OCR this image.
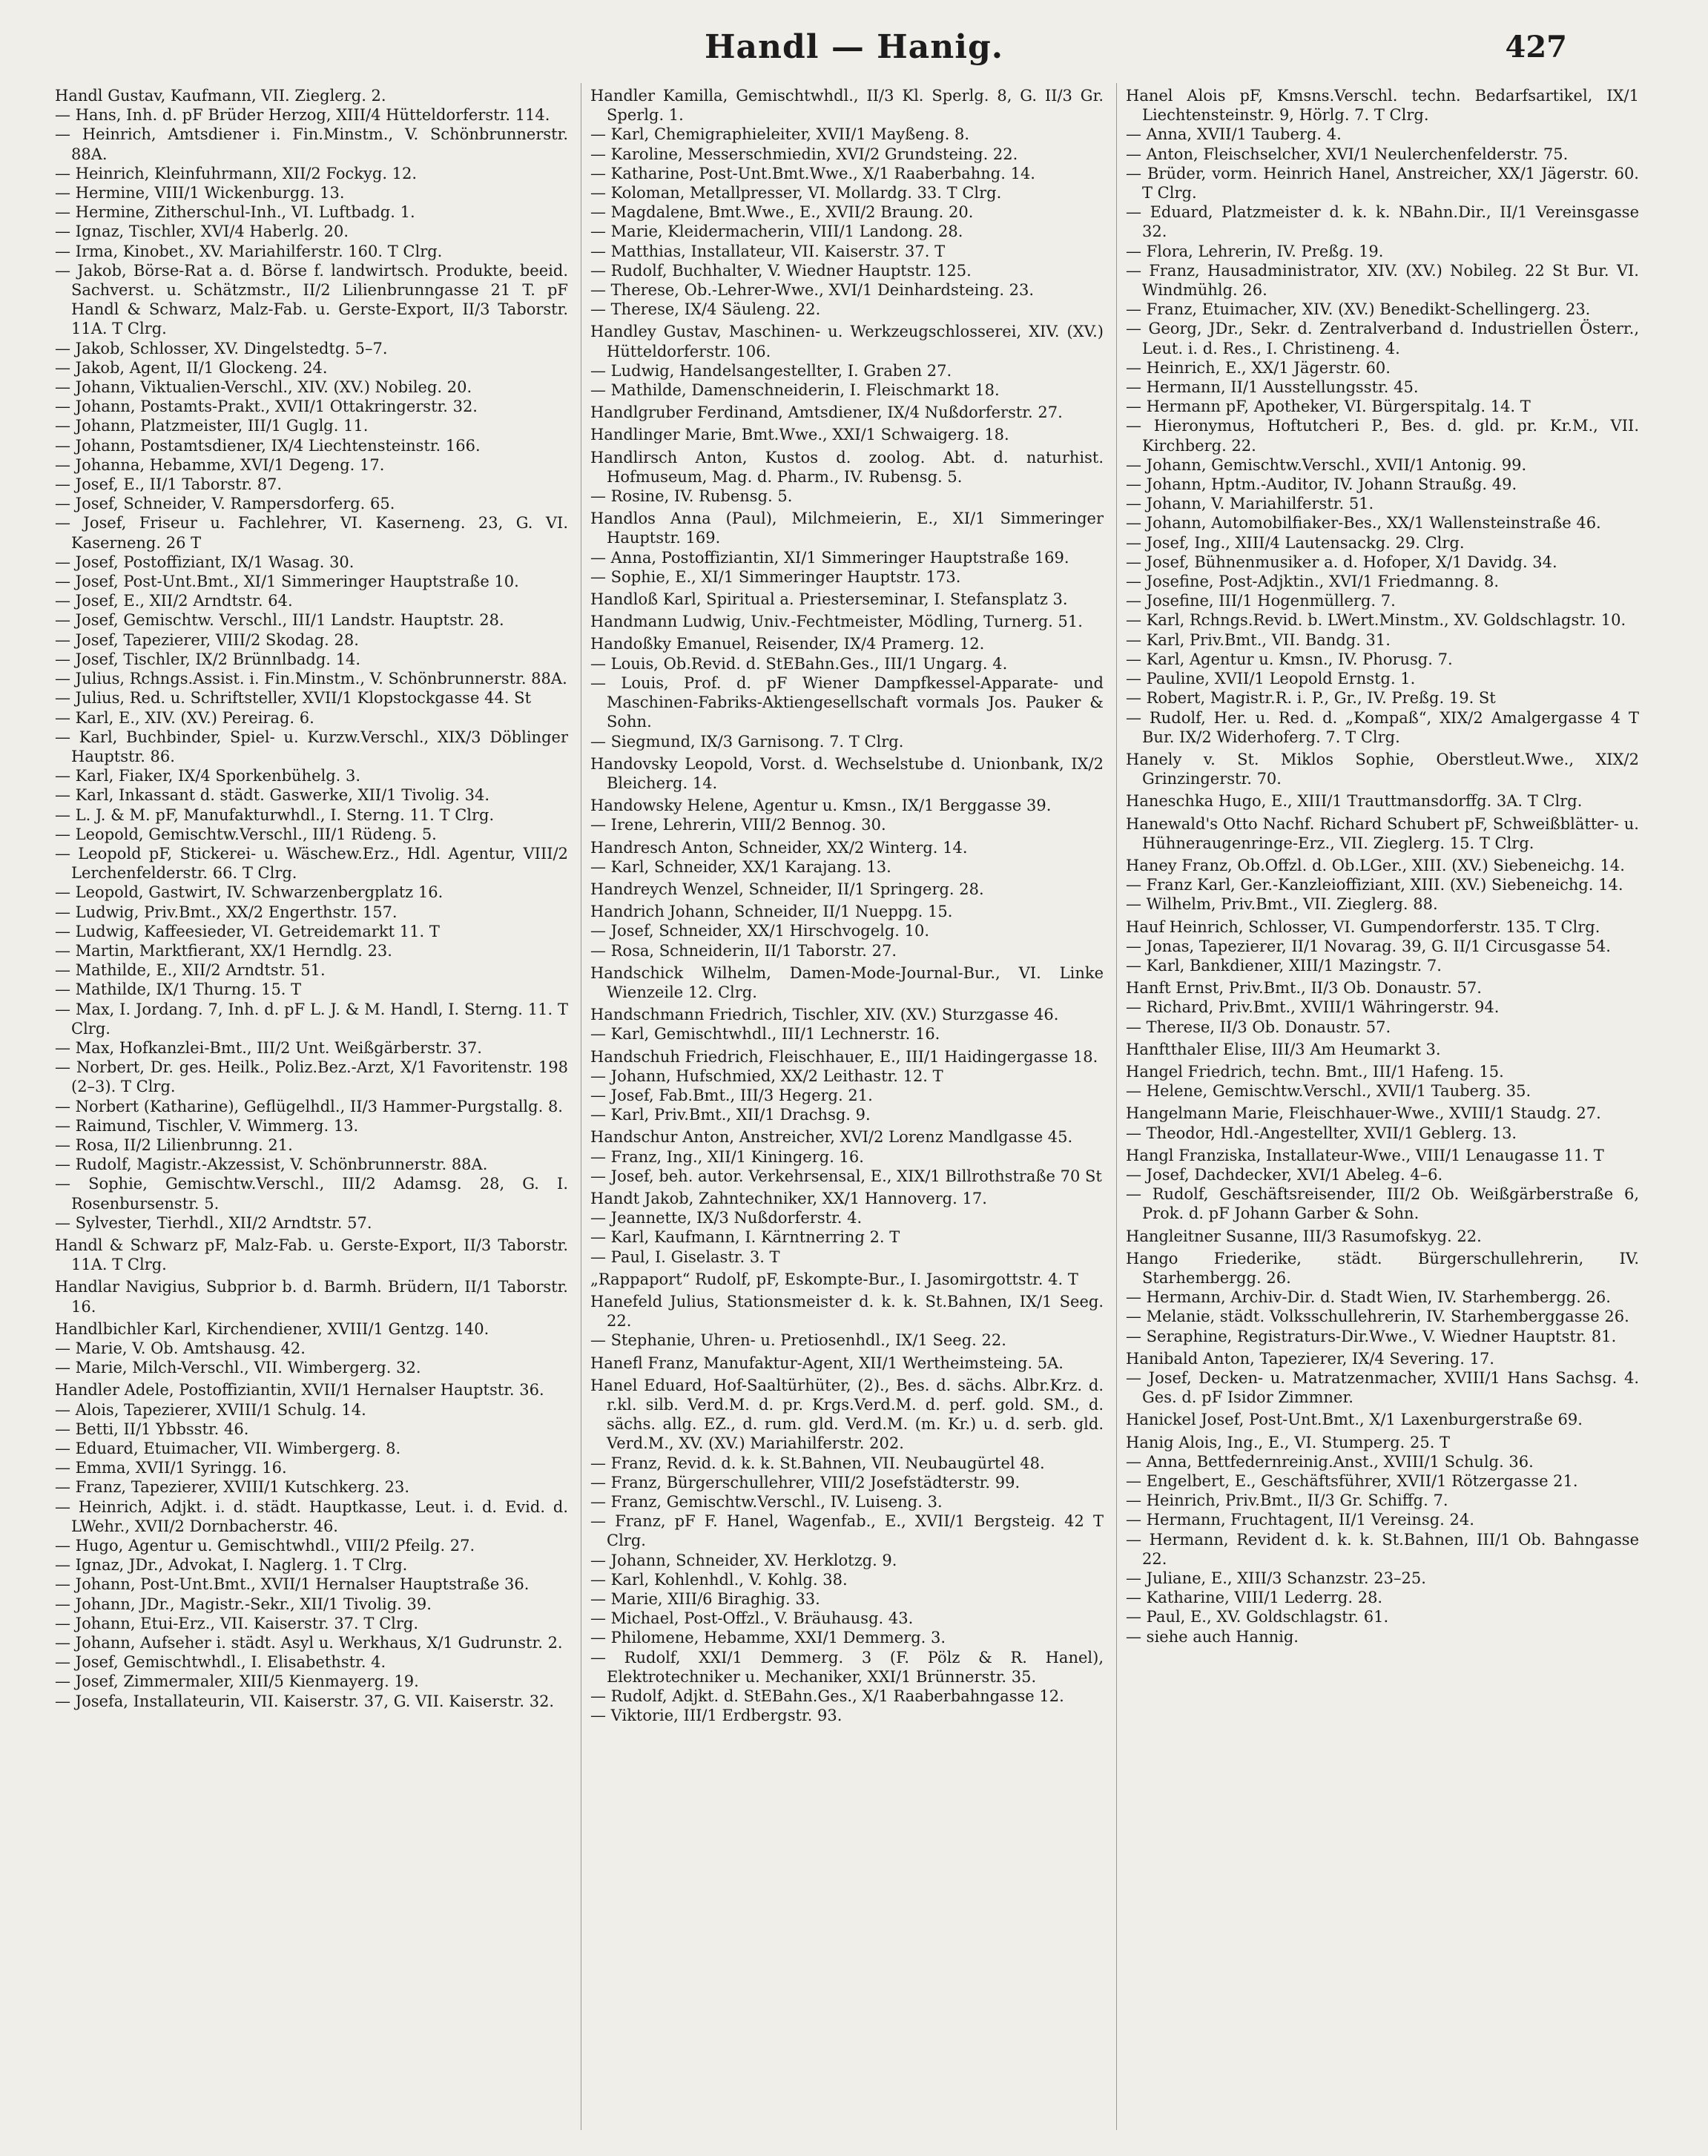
Handl — Hanig.	427

Handl Gustav, Kaufmann, VII. Zieglerg. 2.

— Hans, Inh. d. pF Brüder Herzog, XIII/4 Hütteldorferstr. 114.

— Heinrich, Amtsdiener i. Fin.Minstm., V. Schönbrunnerstr. 88A.

— Heinrich, Kleinfuhrmann, XII/2 Fockyg. 12.

— Hermine, VIII/1 Wickenburgg. 13.

— Hermine, Zitherschul-Inh., VI. Luftbadg. 1.

— Ignaz, Tischler, XVI/4 Haberlg. 20.

— Irma, Kinobet., XV. Mariahilferstr. 160. T Clrg.

— Jakob, Börse-Rat a. d. Börse f. landwirtsch. Produkte, beeid. Sachverst. u. Schätzmstr., II/2 Lilienbrunngasse 21 T. pF Handl & Schwarz, Malz-Fab. u. Gerste-Export, II/3 Taborstr. 11A. T Clrg.

— Jakob, Schlosser, XV. Dingelstedtg. 5–7.

— Jakob, Agent, II/1 Glockeng. 24.

— Johann, Viktualien-Verschl., XIV. (XV.) Nobileg. 20.

— Johann, Postamts-Prakt., XVII/1 Ottakringerstr. 32.

— Johann, Platzmeister, III/1 Guglg. 11.

— Johann, Postamtsdiener, IX/4 Liechtensteinstr. 166.

— Johanna, Hebamme, XVI/1 Degeng. 17.

— Josef, E., II/1 Taborstr. 87.

— Josef, Schneider, V. Rampersdorferg. 65.

— Josef, Friseur u. Fachlehrer, VI. Kaserneng. 23, G. VI. Kaserneng. 26 T

— Josef, Postoffiziant, IX/1 Wasag. 30.

— Josef, Post-Unt.Bmt., XI/1 Simmeringer Hauptstraße 10.

— Josef, E., XII/2 Arndtstr. 64.

— Josef, Gemischtw. Verschl., III/1 Landstr. Hauptstr. 28.

— Josef, Tapezierer, VIII/2 Skodag. 28.

— Josef, Tischler, IX/2 Brünnlbadg. 14.

— Julius, Rchngs.Assist. i. Fin.Minstm., V. Schönbrunnerstr. 88A.

— Julius, Red. u. Schriftsteller, XVII/1 Klopstockgasse 44. St

— Karl, E., XIV. (XV.) Pereirag. 6.

— Karl, Buchbinder, Spiel- u. Kurzw.Verschl., XIX/3 Döblinger Hauptstr. 86.

— Karl, Fiaker, IX/4 Sporkenbühelg. 3.

— Karl, Inkassant d. städt. Gaswerke, XII/1 Tivolig. 34.

— L. J. & M. pF, Manufakturwhdl., I. Sterng. 11. T Clrg.

— Leopold, Gemischtw.Verschl., III/1 Rüdeng. 5.

— Leopold pF, Stickerei- u. Wäschew.Erz., Hdl. Agentur, VIII/2 Lerchenfelderstr. 66. T Clrg.

— Leopold, Gastwirt, IV. Schwarzenbergplatz 16.

— Ludwig, Priv.Bmt., XX/2 Engerthstr. 157.

— Ludwig, Kaffeesieder, VI. Getreidemarkt 11. T

— Martin, Marktfierant, XX/1 Herndlg. 23.

— Mathilde, E., XII/2 Arndtstr. 51.

— Mathilde, IX/1 Thurng. 15. T

— Max, I. Jordang. 7, Inh. d. pF L. J. & M. Handl, I. Sterng. 11. T Clrg.

— Max, Hofkanzlei-Bmt., III/2 Unt. Weißgärberstr. 37.

— Norbert, Dr. ges. Heilk., Poliz.Bez.-Arzt, X/1 Favoritenstr. 198 (2–3). T Clrg.

— Norbert (Katharine), Geflügelhdl., II/3 Hammer-Purgstallg. 8.

— Raimund, Tischler, V. Wimmerg. 13.

— Rosa, II/2 Lilienbrunng. 21.

— Rudolf, Magistr.-Akzessist, V. Schönbrunnerstr. 88A.

— Sophie, Gemischtw.Verschl., III/2 Adamsg. 28, G. I. Rosenbursenstr. 5.

— Sylvester, Tierhdl., XII/2 Arndtstr. 57.

Handl & Schwarz pF, Malz-Fab. u. Gerste-Export, II/3 Taborstr. 11A. T Clrg.

Handlar Navigius, Subprior b. d. Barmh. Brüdern, II/1 Taborstr. 16.

Handlbichler Karl, Kirchendiener, XVIII/1 Gentzg. 140.

— Marie, V. Ob. Amtshausg. 42.

— Marie, Milch-Verschl., VII. Wimbergerg. 32.

Handler Adele, Postoffiziantin, XVII/1 Hernalser Hauptstr. 36.

— Alois, Tapezierer, XVIII/1 Schulg. 14.

— Betti, II/1 Ybbsstr. 46.

— Eduard, Etuimacher, VII. Wimbergerg. 8.

— Emma, XVII/1 Syringg. 16.

— Franz, Tapezierer, XVIII/1 Kutschkerg. 23.

— Heinrich, Adjkt. i. d. städt. Hauptkasse, Leut. i. d. Evid. d. LWehr., XVII/2 Dornbacherstr. 46.

— Hugo, Agentur u. Gemischtwhdl., VIII/2 Pfeilg. 27.

— Ignaz, JDr., Advokat, I. Naglerg. 1. T Clrg.

— Johann, Post-Unt.Bmt., XVII/1 Hernalser Hauptstraße 36.

— Johann, JDr., Magistr.-Sekr., XII/1 Tivolig. 39.

— Johann, Etui-Erz., VII. Kaiserstr. 37. T Clrg.

— Johann, Aufseher i. städt. Asyl u. Werkhaus, X/1 Gudrunstr. 2.

— Josef, Gemischtwhdl., I. Elisabethstr. 4.

— Josef, Zimmermaler, XIII/5 Kienmayerg. 19.

— Josefa, Installateurin, VII. Kaiserstr. 37, G. VII. Kaiserstr. 32.

Handler Kamilla, Gemischtwhdl., II/3 Kl. Sperlg. 8, G. II/3 Gr. Sperlg. 1.

— Karl, Chemigraphieleiter, XVII/1 Mayßeng. 8.

— Karoline, Messerschmiedin, XVI/2 Grundsteing. 22.

— Katharine, Post-Unt.Bmt.Wwe., X/1 Raaberbahng. 14.

— Koloman, Metallpresser, VI. Mollardg. 33. T Clrg.

— Magdalene, Bmt.Wwe., E., XVII/2 Braung. 20.

— Marie, Kleidermacherin, VIII/1 Landong. 28.

— Matthias, Installateur, VII. Kaiserstr. 37. T

— Rudolf, Buchhalter, V. Wiedner Hauptstr. 125.

— Therese, Ob.-Lehrer-Wwe., XVI/1 Deinhardsteing. 23.

— Therese, IX/4 Säuleng. 22.

Handley Gustav, Maschinen- u. Werkzeugschlosserei, XIV. (XV.) Hütteldorferstr. 106.

— Ludwig, Handelsangestellter, I. Graben 27.

— Mathilde, Damenschneiderin, I. Fleischmarkt 18.

Handlgruber Ferdinand, Amtsdiener, IX/4 Nußdorferstr. 27.

Handlinger Marie, Bmt.Wwe., XXI/1 Schwaigerg. 18.

Handlirsch Anton, Kustos d. zoolog. Abt. d. naturhist. Hofmuseum, Mag. d. Pharm., IV. Rubensg. 5.

— Rosine, IV. Rubensg. 5.

Handlos Anna (Paul), Milchmeierin, E., XI/1 Simmeringer Hauptstr. 169.

— Anna, Postoffiziantin, XI/1 Simmeringer Hauptstraße 169.

— Sophie, E., XI/1 Simmeringer Hauptstr. 173.

Handloß Karl, Spiritual a. Priesterseminar, I. Stefansplatz 3.

Handmann Ludwig, Univ.-Fechtmeister, Mödling, Turnerg. 51.

Handoßky Emanuel, Reisender, IX/4 Pramerg. 12.

— Louis, Ob.Revid. d. StEBahn.Ges., III/1 Ungarg. 4.

— Louis, Prof. d. pF Wiener Dampfkessel-Apparate- und Maschinen-Fabriks-Aktiengesellschaft vormals Jos. Pauker & Sohn.

— Siegmund, IX/3 Garnisong. 7. T Clrg.

Handovsky Leopold, Vorst. d. Wechselstube d. Unionbank, IX/2 Bleicherg. 14.

Handowsky Helene, Agentur u. Kmsn., IX/1 Berggasse 39.

— Irene, Lehrerin, VIII/2 Bennog. 30.

Handresch Anton, Schneider, XX/2 Winterg. 14.

— Karl, Schneider, XX/1 Karajang. 13.

Handreych Wenzel, Schneider, II/1 Springerg. 28.

Handrich Johann, Schneider, II/1 Nueppg. 15.

— Josef, Schneider, XX/1 Hirschvogelg. 10.

— Rosa, Schneiderin, II/1 Taborstr. 27.

Handschick Wilhelm, Damen-Mode-Journal-Bur., VI. Linke Wienzeile 12. Clrg.

Handschmann Friedrich, Tischler, XIV. (XV.) Sturzgasse 46.

— Karl, Gemischtwhdl., III/1 Lechnerstr. 16.

Handschuh Friedrich, Fleischhauer, E., III/1 Haidingergasse 18.

— Johann, Hufschmied, XX/2 Leithastr. 12. T

— Josef, Fab.Bmt., III/3 Hegerg. 21.

— Karl, Priv.Bmt., XII/1 Drachsg. 9.

Handschur Anton, Anstreicher, XVI/2 Lorenz Mandlgasse 45.

— Franz, Ing., XII/1 Kiningerg. 16.

— Josef, beh. autor. Verkehrsensal, E., XIX/1 Billrothstraße 70 St

Handt Jakob, Zahntechniker, XX/1 Hannoverg. 17.

— Jeannette, IX/3 Nußdorferstr. 4.

— Karl, Kaufmann, I. Kärntnerring 2. T

— Paul, I. Giselastr. 3. T

„Rappaport“ Rudolf, pF, Eskompte-Bur., I. Jasomirgottstr. 4. T

Hanefeld Julius, Stationsmeister d. k. k. St.Bahnen, IX/1 Seeg. 22.

— Stephanie, Uhren- u. Pretiosenhdl., IX/1 Seeg. 22.

Hanefl Franz, Manufaktur-Agent, XII/1 Wertheimsteing. 5A.

Hanel Eduard, Hof-Saaltürhüter, (2)., Bes. d. sächs. Albr.Krz. d. r.kl. silb. Verd.M. d. pr. Krgs.Verd.M. d. perf. gold. SM., d. sächs. allg. EZ., d. rum. gld. Verd.M. (m. Kr.) u. d. serb. gld. Verd.M., XV. (XV.) Mariahilferstr. 202.

— Franz, Revid. d. k. k. St.Bahnen, VII. Neubaugürtel 48.

— Franz, Bürgerschullehrer, VIII/2 Josefstädterstr. 99.

— Franz, Gemischtw.Verschl., IV. Luiseng. 3.

— Franz, pF F. Hanel, Wagenfab., E., XVII/1 Bergsteig. 42 T Clrg.

— Johann, Schneider, XV. Herklotzg. 9.

— Karl, Kohlenhdl., V. Kohlg. 38.

— Marie, XIII/6 Biraghig. 33.

— Michael, Post-Offzl., V. Bräuhausg. 43.

— Philomene, Hebamme, XXI/1 Demmerg. 3.

— Rudolf, XXI/1 Demmerg. 3 (F. Pölz & R. Hanel), Elektrotechniker u. Mechaniker, XXI/1 Brünnerstr. 35.

— Rudolf, Adjkt. d. StEBahn.Ges., X/1 Raaberbahngasse 12.

— Viktorie, III/1 Erdbergstr. 93.

Hanel Alois pF, Kmsns.Verschl. techn. Bedarfsartikel, IX/1 Liechtensteinstr. 9, Hörlg. 7. T Clrg.

— Anna, XVII/1 Tauberg. 4.

— Anton, Fleischselcher, XVI/1 Neulerchenfelderstr. 75.

— Brüder, vorm. Heinrich Hanel, Anstreicher, XX/1 Jägerstr. 60. T Clrg.

— Eduard, Platzmeister d. k. k. NBahn.Dir., II/1 Vereinsgasse 32.

— Flora, Lehrerin, IV. Preßg. 19.

— Franz, Hausadministrator, XIV. (XV.) Nobileg. 22 St Bur. VI. Windmühlg. 26.

— Franz, Etuimacher, XIV. (XV.) Benedikt-Schellingerg. 23.

— Georg, JDr., Sekr. d. Zentralverband d. Industriellen Österr., Leut. i. d. Res., I. Christineng. 4.

— Heinrich, E., XX/1 Jägerstr. 60.

— Hermann, II/1 Ausstellungsstr. 45.

— Hermann pF, Apotheker, VI. Bürgerspitalg. 14. T

— Hieronymus, Hoftutcheri P., Bes. d. gld. pr. Kr.M., VII. Kirchberg. 22.

— Johann, Gemischtw.Verschl., XVII/1 Antonig. 99.

— Johann, Hptm.-Auditor, IV. Johann Straußg. 49.

— Johann, V. Mariahilferstr. 51.

— Johann, Automobilfiaker-Bes., XX/1 Wallensteinstraße 46.

— Josef, Ing., XIII/4 Lautensackg. 29. Clrg.

— Josef, Bühnenmusiker a. d. Hofoper, X/1 Davidg. 34.

— Josefine, Post-Adjktin., XVI/1 Friedmanng. 8.

— Josefine, III/1 Hogenmüllerg. 7.

— Karl, Rchngs.Revid. b. LWert.Minstm., XV. Goldschlagstr. 10.

— Karl, Priv.Bmt., VII. Bandg. 31.

— Karl, Agentur u. Kmsn., IV. Phorusg. 7.

— Pauline, XVII/1 Leopold Ernstg. 1.

— Robert, Magistr.R. i. P., Gr., IV. Preßg. 19. St

— Rudolf, Her. u. Red. d. „Kompaß“, XIX/2 Amalgergasse 4 T Bur. IX/2 Widerhoferg. 7. T Clrg.

Hanely v. St. Miklos Sophie, Oberstleut.Wwe., XIX/2 Grinzingerstr. 70.

Haneschka Hugo, E., XIII/1 Trauttmansdorffg. 3A. T Clrg.

Hanewald's Otto Nachf. Richard Schubert pF, Schweißblätter- u. Hühneraugenringe-Erz., VII. Zieglerg. 15. T Clrg.

Haney Franz, Ob.Offzl. d. Ob.LGer., XIII. (XV.) Siebeneichg. 14.

— Franz Karl, Ger.-Kanzleioffiziant, XIII. (XV.) Siebeneichg. 14.

— Wilhelm, Priv.Bmt., VII. Zieglerg. 88.

Hauf Heinrich, Schlosser, VI. Gumpendorferstr. 135. T Clrg.

— Jonas, Tapezierer, II/1 Novarag. 39, G. II/1 Circusgasse 54.

— Karl, Bankdiener, XIII/1 Mazingstr. 7.

Hanft Ernst, Priv.Bmt., II/3 Ob. Donaustr. 57.

— Richard, Priv.Bmt., XVIII/1 Währingerstr. 94.

— Therese, II/3 Ob. Donaustr. 57.

Hanftthaler Elise, III/3 Am Heumarkt 3.

Hangel Friedrich, techn. Bmt., III/1 Hafeng. 15.

— Helene, Gemischtw.Verschl., XVII/1 Tauberg. 35.

Hangelmann Marie, Fleischhauer-Wwe., XVIII/1 Staudg. 27.

— Theodor, Hdl.-Angestellter, XVII/1 Geblerg. 13.

Hangl Franziska, Installateur-Wwe., VIII/1 Lenaugasse 11. T

— Josef, Dachdecker, XVI/1 Abeleg. 4–6.

— Rudolf, Geschäftsreisender, III/2 Ob. Weißgärberstraße 6, Prok. d. pF Johann Garber & Sohn.

Hangleitner Susanne, III/3 Rasumofskyg. 22.

Hango Friederike, städt. Bürgerschullehrerin, IV. Starhembergg. 26.

— Hermann, Archiv-Dir. d. Stadt Wien, IV. Starhembergg. 26.

— Melanie, städt. Volksschullehrerin, IV. Starhemberggasse 26.

— Seraphine, Registraturs-Dir.Wwe., V. Wiedner Hauptstr. 81.

Hanibald Anton, Tapezierer, IX/4 Severing. 17.

— Josef, Decken- u. Matratzenmacher, XVIII/1 Hans Sachsg. 4. Ges. d. pF Isidor Zimmner.

Hanickel Josef, Post-Unt.Bmt., X/1 Laxenburgerstraße 69.

Hanig Alois, Ing., E., VI. Stumperg. 25. T

— Anna, Bettfedernreinig.Anst., XVIII/1 Schulg. 36.

— Engelbert, E., Geschäftsführer, XVII/1 Rötzergasse 21.

— Heinrich, Priv.Bmt., II/3 Gr. Schiffg. 7.

— Hermann, Fruchtagent, II/1 Vereinsg. 24.

— Hermann, Revident d. k. k. St.Bahnen, III/1 Ob. Bahngasse 22.

— Juliane, E., XIII/3 Schanzstr. 23–25.

— Katharine, VIII/1 Lederrg. 28.

— Paul, E., XV. Goldschlagstr. 61.

— siehe auch Hannig.
